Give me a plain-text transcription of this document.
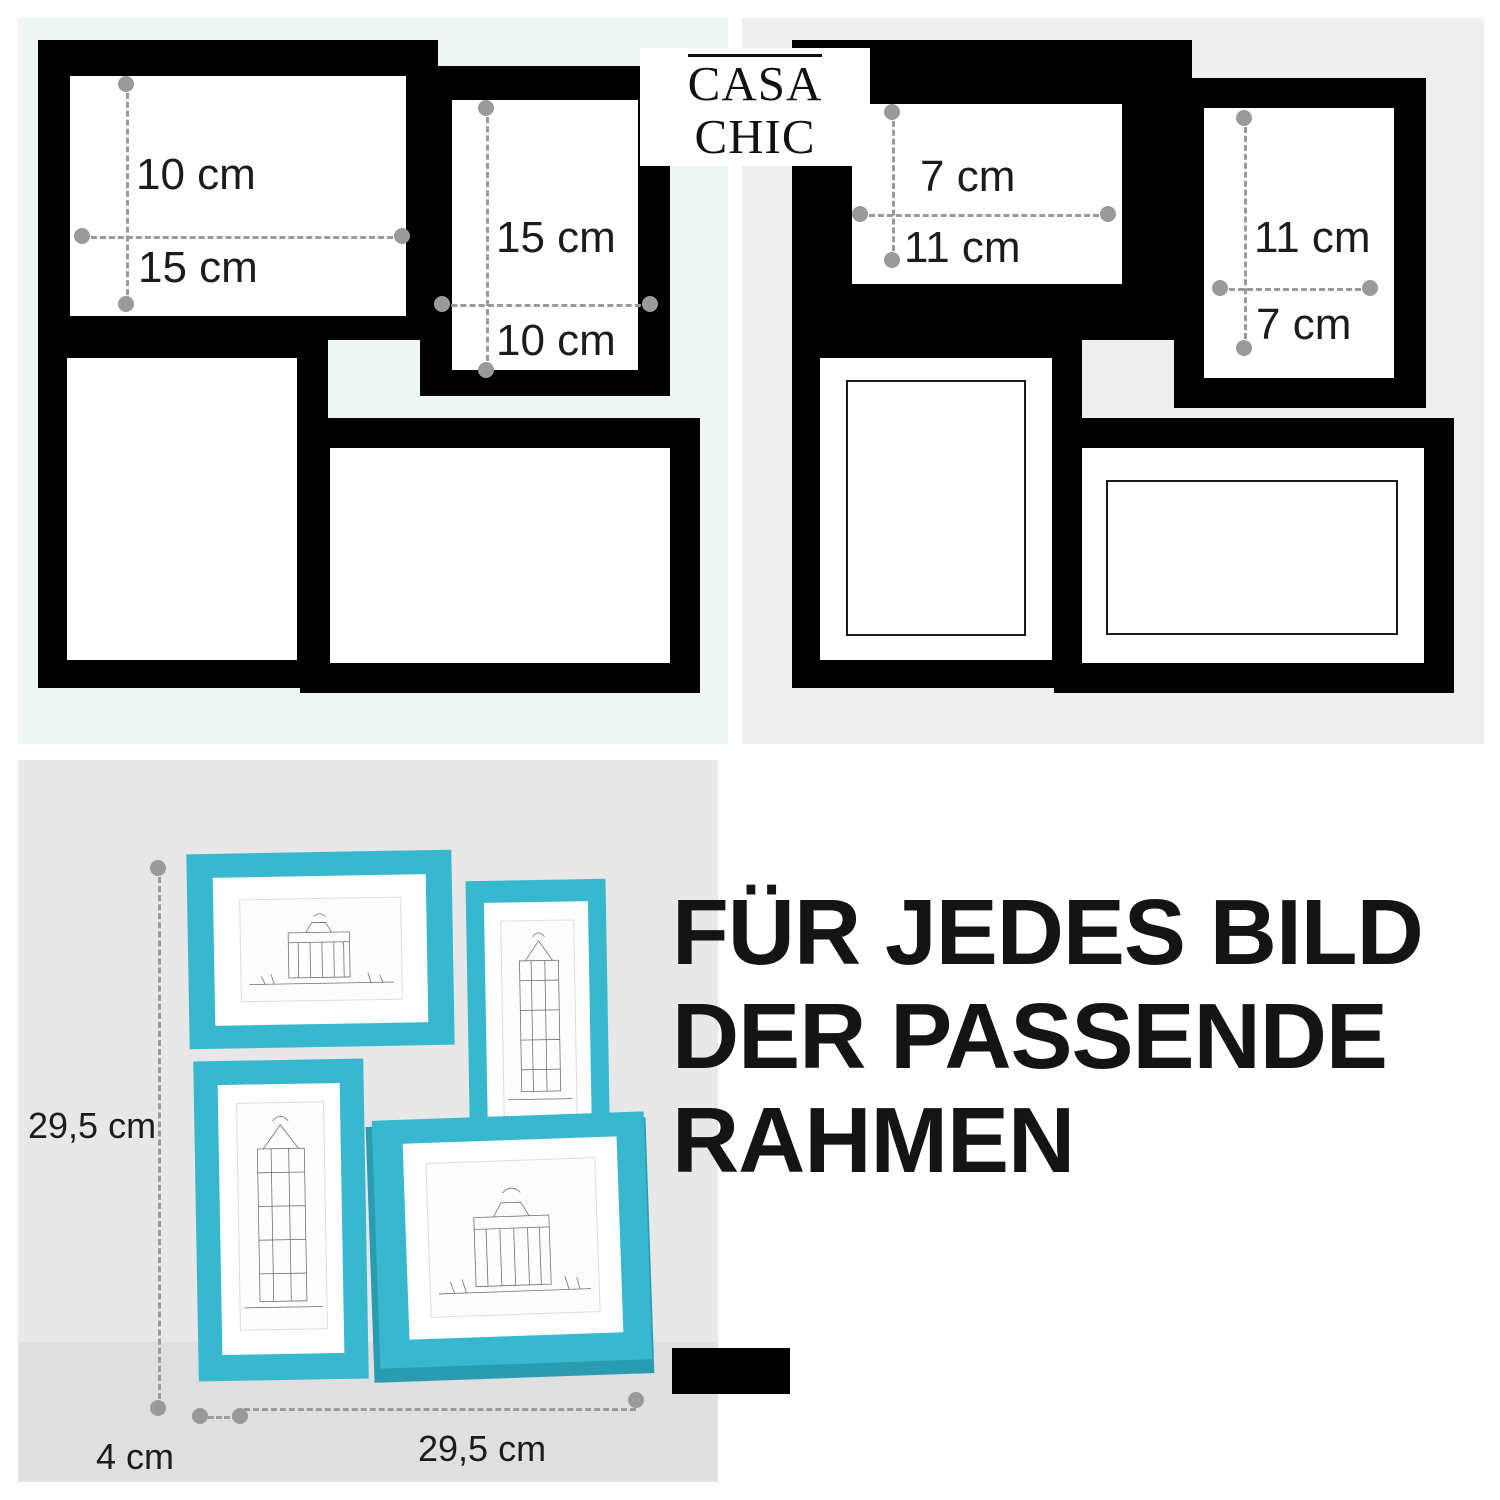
10 cm
15 cm
15 cm
10 cm
7 cm
11 cm	11 cm
7 cm
CASA
CHIC
29,5 cm
4 cm	29,5 cm
FÜR JEDES BILD
DER PASSENDE
RAHMEN
